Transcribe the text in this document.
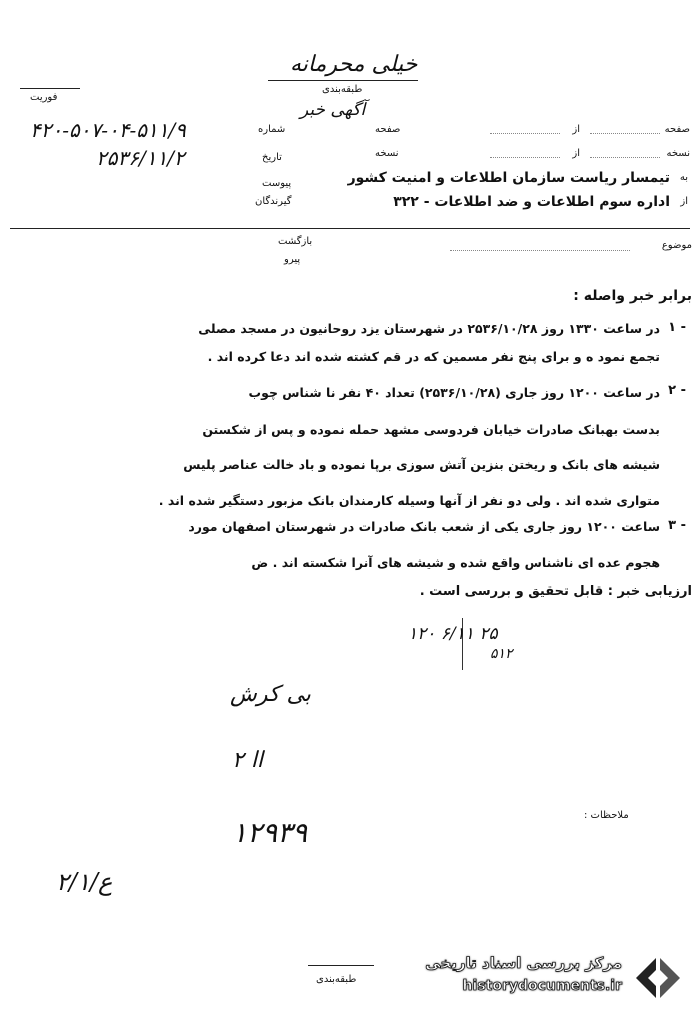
خیلی محرمانه
طبقه‌بندی
فوریت
آگهی خبر
صفحه
از
صفحه
نسخه
از
نسخه
شماره
تاریخ
پیوست
گیرندگان
۴۲۰-۵۰۷-۰۴-۵۱۱/۹
۲۵۳۶/۱۱/۲
به
تیمسار ریاست سازمان اطلاعات و امنیت کشور
از
اداره سوم اطلاعات و ضد اطلاعات - ۳۲۲
بازگشت
پیرو
موضوع
برابر خبر واصله :
۱ -
در ساعت ۱۳۳۰ روز ۲۵۳۶/۱۰/۲۸ در شهرستان یزد روحانیون در مسجد مصلی
تجمع نمود ه و برای پنج نفر مسمین که در قم کشته شده اند دعا کرده اند .
۲ -
در ساعت ۱۲۰۰ روز جاری (۲۵۳۶/۱۰/۲۸) تعداد ۴۰ نفر نا شناس چوب
بدست بهبانک صادرات خیابان فردوسی مشهد حمله نموده و پس از شکستن
شیشه های بانک و ریختن بنزین آتش سوزی برپا نموده و باد خالت عناصر پلیس
متواری شده اند . ولی دو نفر از آنها وسیله کارمندان بانک مزبور دستگیر شده اند .
۳ -
ساعت ۱۲۰۰ روز جاری یکی از شعب بانک صادرات در شهرستان اصفهان مورد
هجوم عده ای ناشناس واقع شده و شیشه های آنرا شکسته اند . ض
ارزیابی خبر : قابل تحقیق و بررسی است .
۱۲۰ ۶/۱۱ ۲۵
۵۱۲
بی کرش
اا ۲
ملاحظات :
۱۲۹۳۹
ع/۲/۱
طبقه‌بندی
مرکز بررسی اسناد تاریخی
historydocuments.ir
